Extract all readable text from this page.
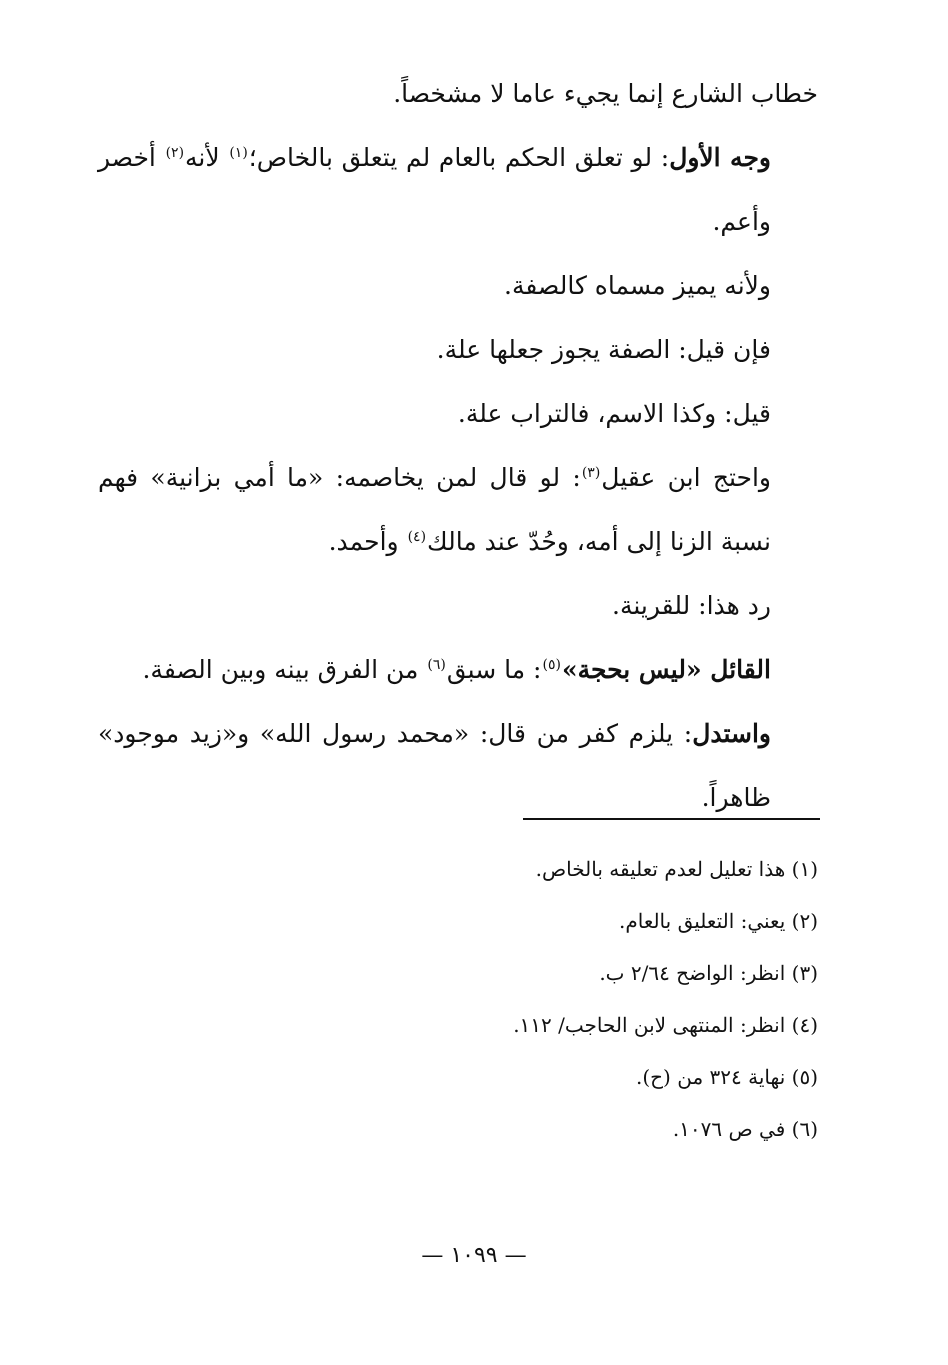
خطاب الشارع إنما يجيء عاما لا مشخصاً.

وجه الأول: لو تعلق الحكم بالعام لم يتعلق بالخاص؛$^{(١)}$ لأنه$^{(٢)}$ أخصر وأعم.

ولأنه يميز مسماه كالصفة.

فإن قيل: الصفة يجوز جعلها علة.

قيل: وكذا الاسم، فالتراب علة.

واحتج ابن عقيل$^{(٣)}$: لو قال لمن يخاصمه: «ما أمي بزانية» فهم نسبة الزنا إلى أمه، وحُدّ عند مالك$^{(٤)}$ وأحمد.

رد هذا: للقرينة.

القائل «ليس بحجة»$^{(٥)}$: ما سبق$^{(٦)}$ من الفرق بينه وبين الصفة.

واستدل: يلزم كفر من قال: «محمد رسول الله» و«زيد موجود» ظاهراً.

(١) هذا تعليل لعدم تعليقه بالخاص.

(٢) يعني: التعليق بالعام.

(٣) انظر: الواضح ٢/٦٤ ب.

(٤) انظر: المنتهى لابن الحاجب/ ١١٢.

(٥) نهاية ٣٢٤ من (ح).

(٦) في ص ١٠٧٦.

— ١٠٩٩ —
